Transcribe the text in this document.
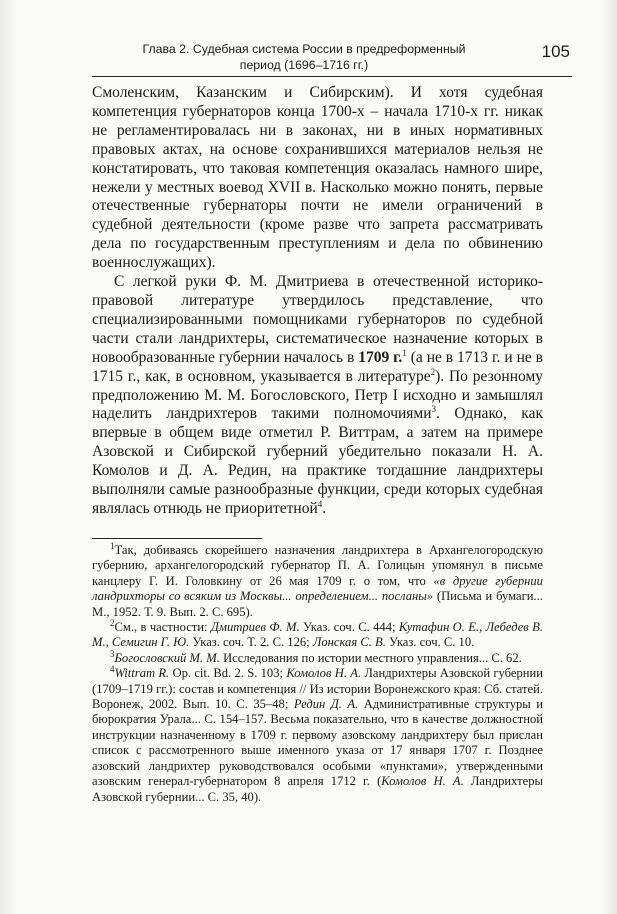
Глава 2. Судебная система России в предреформенный
период (1696–1716 гг.)
105

Смоленским, Казанским и Сибирским). И хотя судебная компетенция губернаторов конца 1700-х – начала 1710-х гг. никак не регламентировалась ни в законах, ни в иных нормативных правовых актах, на основе сохранившихся материалов нельзя не констатировать, что таковая компетенция оказалась намного шире, нежели у местных воевод XVII в. Насколько можно понять, первые отечественные губернаторы почти не имели ограничений в судебной деятельности (кроме разве что запрета рассматривать дела по государственным преступлениям и дела по обвинению военнослужащих).

С легкой руки Ф. М. Дмитриева в отечественной историко-правовой литературе утвердилось представление, что специализированными помощниками губернаторов по судебной части стали ландрихтеры, систематическое назначение которых в новообразованные губернии началось в 1709 г.$^1$ (а не в 1713 г. и не в 1715 г., как, в основном, указывается в литературе$^2$). По резонному предположению М. М. Богословского, Петр I исходно и замышлял наделить ландрихтеров такими полномочиями$^3$. Однако, как впервые в общем виде отметил Р. Виттрам, а затем на примере Азовской и Сибирской губерний убедительно показали Н. А. Комолов и Д. А. Редин, на практике тогдашние ландрихтеры выполняли самые разнообразные функции, среди которых судебная являлась отнюдь не приоритетной$^4$.

$^1$Так, добиваясь скорейшего назначения ландрихтера в Архангелогородскую губернию, архангелогородский губернатор П. А. Голицын упомянул в письме канцлеру Г. И. Головкину от 26 мая 1709 г. о том, что «в другие губернии ландрихторы со всяким из Москвы... определением... посланы» (Письма и бумаги... М., 1952. Т. 9. Вып. 2. С. 695).

$^2$См., в частности: Дмитриев Ф. М. Указ. соч. С. 444; Кутафин О. Е., Лебедев В. М., Семигин Г. Ю. Указ. соч. Т. 2. С. 126; Лонская С. В. Указ. соч. С. 10.

$^3$Богословский М. М. Исследования по истории местного управления... С. 62.

$^4$Wittram R. Op. cit. Bd. 2. S. 103; Комолов Н. А. Ландрихтеры Азовской губернии (1709–1719 гг.): состав и компетенция // Из истории Воронежского края: Сб. статей. Воронеж, 2002. Вып. 10. С. 35–48; Редин Д. А. Административные структуры и бюрократия Урала... С. 154–157. Весьма показательно, что в качестве должностной инструкции назначенному в 1709 г. первому азовскому ландрихтеру был прислан список с рассмотренного выше именного указа от 17 января 1707 г. Позднее азовский ландрихтер руководствовался особыми «пунктами», утвержденными азовским генерал-губернатором 8 апреля 1712 г. (Комолов Н. А. Ландрихтеры Азовской губернии... С. 35, 40).
